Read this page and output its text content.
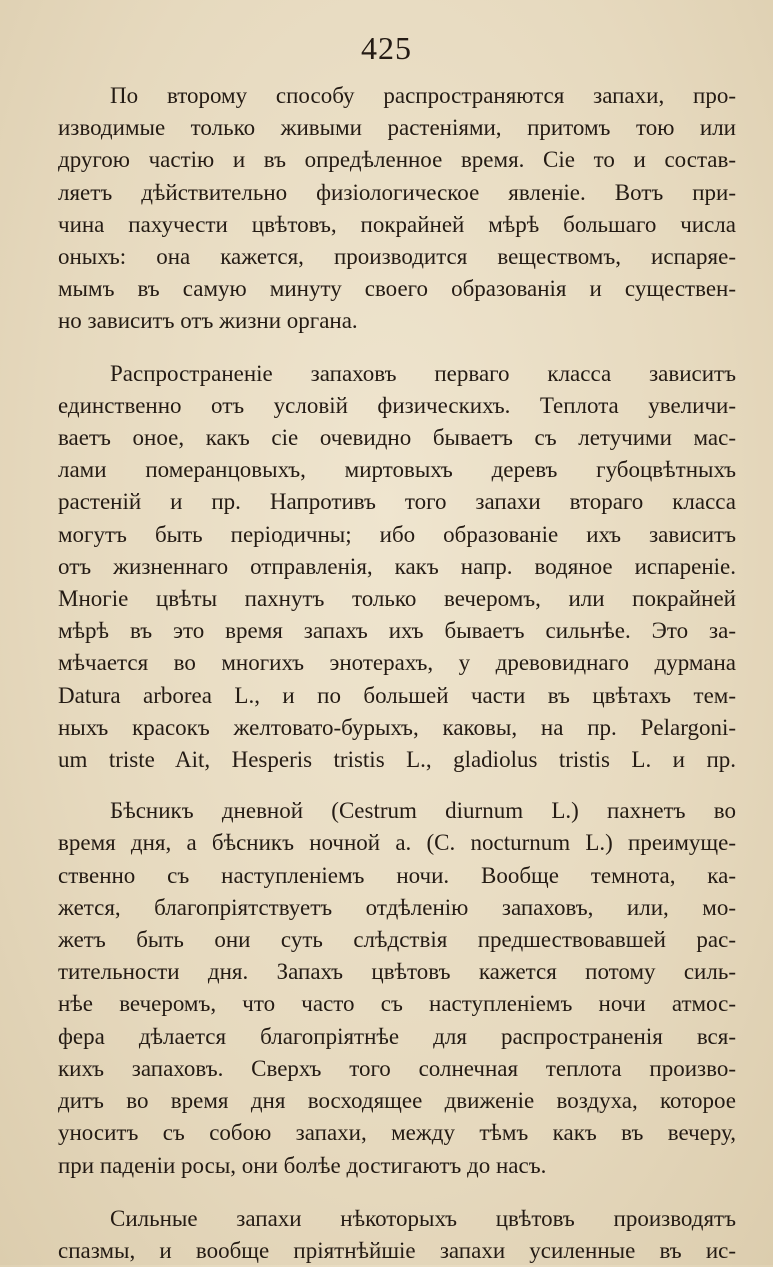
425
По второму способу распространяются запахи, про-
изводимые только живыми растеніями, притомъ тою или
другою частію и въ опредѣленное время. Сіе то и состав-
ляетъ дѣйствительно физіологическое явленіе. Вотъ при-
чина пахучести цвѣтовъ, покрайней мѣрѣ большаго числа
оныхъ: она кажется, производится веществомъ, испаряе-
мымъ въ самую минуту своего образованія и существен-
но зависитъ отъ жизни органа.
Распространеніе запаховъ перваго класса зависитъ
единственно отъ условій физическихъ. Теплота увеличи-
ваетъ оное, какъ сіе очевидно бываетъ съ летучими мас-
лами померанцовыхъ, миртовыхъ деревъ губоцвѣтныхъ
растеній и пр. Напротивъ того запахи втораго класса
могутъ быть періодичны; ибо образованіе ихъ зависитъ
отъ жизненнаго отправленія, какъ напр. водяное испареніе.
Многіе цвѣты пахнутъ только вечеромъ, или покрайней
мѣрѣ въ это время запахъ ихъ бываетъ сильнѣе. Это за-
мѣчается во многихъ энотерахъ, у древовиднаго дурмана
Datura arborea L., и по большей части въ цвѣтахъ тем-
ныхъ красокъ желтовато-бурыхъ, каковы, на пр. Pelargoni-
um triste Ait, Hesperis tristis L., gladiolus tristis L. и пр.
Бѣсникъ дневной (Cestrum diurnum L.) пахнетъ во
время дня, а бѣсникъ ночной а. (C. nocturnum L.) преимуще-
ственно съ наступленіемъ ночи. Вообще темнота, ка-
жется, благопріятствуетъ отдѣленію запаховъ, или, мо-
жетъ быть они суть слѣдствія предшествовавшей рас-
тительности дня. Запахъ цвѣтовъ кажется потому силь-
нѣе вечеромъ, что часто съ наступленіемъ ночи атмос-
фера дѣлается благопріятнѣе для распространенія вся-
кихъ запаховъ. Сверхъ того солнечная теплота произво-
дитъ во время дня восходящее движеніе воздуха, которое
уноситъ съ собою запахи, между тѣмъ какъ въ вечеру,
при паденіи росы, они болѣе достигаютъ до насъ.
Сильные запахи нѣкоторыхъ цвѣтовъ производятъ
спазмы, и вообще пріятнѣйшіе запахи усиленные въ ис-
